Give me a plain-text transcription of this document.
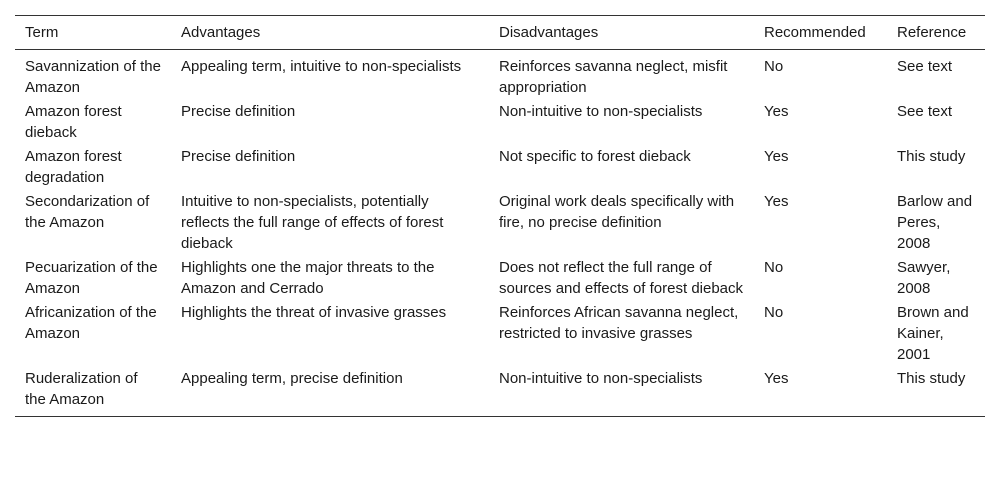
Term	Advantages	Disadvantages	Recommended	Reference
Savannization of the Amazon	Appealing term, intuitive to non-specialists	Reinforces savanna neglect, misfit appropriation	No	See text
Amazon forest dieback	Precise definition	Non-intuitive to non-specialists	Yes	See text
Amazon forest degradation	Precise definition	Not specific to forest dieback	Yes	This study
Secondarization of the Amazon	Intuitive to non-specialists, potentially reflects the full range of effects of forest dieback	Original work deals specifically with fire, no precise definition	Yes	Barlow and Peres, 2008
Pecuarization of the Amazon	Highlights one the major threats to the Amazon and Cerrado	Does not reflect the full range of sources and effects of forest dieback	No	Sawyer, 2008
Africanization of the Amazon	Highlights the threat of invasive grasses	Reinforces African savanna neglect, restricted to invasive grasses	No	Brown and Kainer, 2001
Ruderalization of the Amazon	Appealing term, precise definition	Non-intuitive to non-specialists	Yes	This study
